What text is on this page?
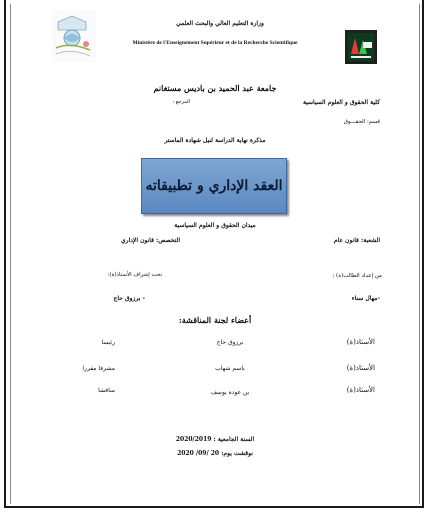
وزارة التعليم العالي والبحث العلمي
Ministère de l'Enseignement Supérieur et de la Recherche Scientifique
جامعة عبد الحميد بن باديس مستغانم
كلية الحقوق و العلوم السياسية
المرجع :
قسم: الحقـــوق
مذكرة نهاية الدراسة لنيل شهادة الماستر
العقد الإداري و تطبيقاته
ميدان الحقوق و العلوم السياسية
الشعبة: قانون عام
التخصص: قانون الإداري
من إعداد الطالب(ة) :
تحت إشراف الأستاذ(ة):
-مهال سناء
- برزوق حاج
أعضاء لجنة المناقشة:
الأستاذ(ة)
برزوق حاج
رئيسا
الأستاذ(ة)
باسم شهاب
مشرفا مقررا
الأستاذ(ة)
بن عودة يوسف
مناقشا
السنة الجامعية : 2020/2019
نوقشت يوم: 20 /09/ 2020
